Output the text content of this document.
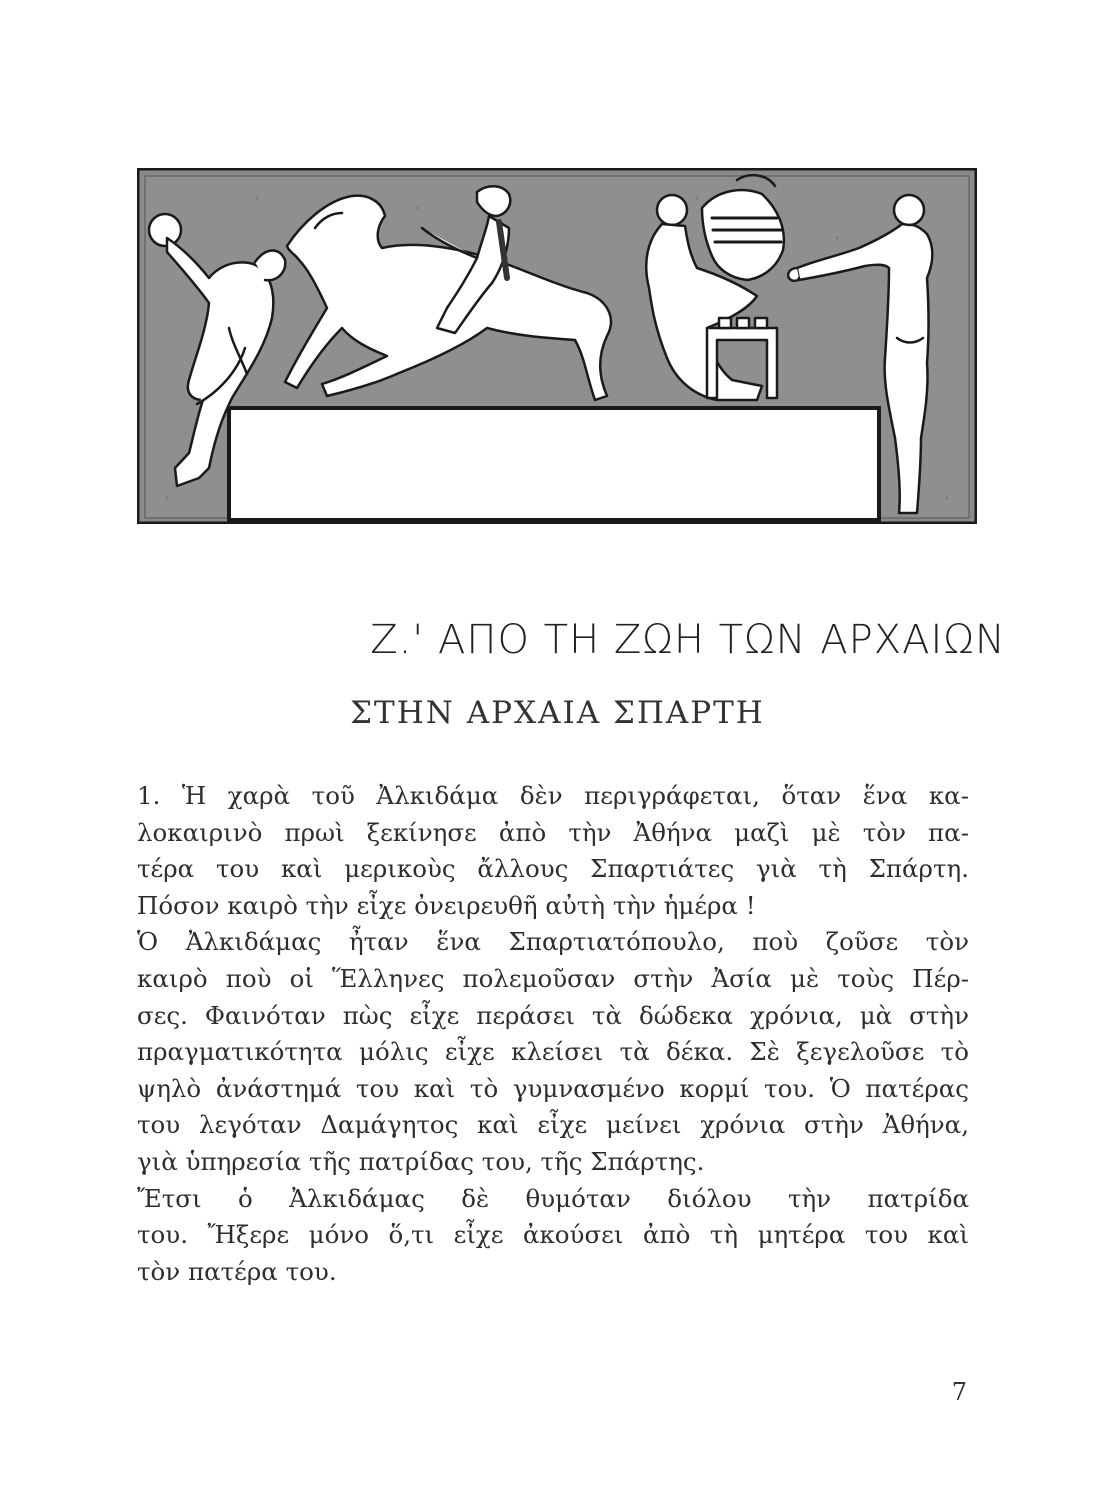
Z.' ΑΠΟ ΤΗ ΖΩΗ ΤΩΝ ΑΡΧΑΙΩΝ
ΣΤΗΝ ΑΡΧΑΙΑ ΣΠΑΡΤΗ
1. Ἡ χαρὰ τοῦ Ἀλκιδάμα δὲν περιγράφεται, ὅταν ἕνα κα-
λοκαιρινὸ πρωὶ ξεκίνησε ἀπὸ τὴν Ἀθήνα μαζὶ μὲ τὸν πα-
τέρα του καὶ μερικοὺς ἄλλους Σπαρτιάτες γιὰ τὴ Σπάρτη.
Πόσον καιρὸ τὴν εἶχε ὀνειρευθῆ αὐτὴ τὴν ἡμέρα !
Ὁ Ἀλκιδάμας ἦταν ἕνα Σπαρτιατόπουλο, ποὺ ζοῦσε τὸν
καιρὸ ποὺ οἱ Ἕλληνες πολεμοῦσαν στὴν Ἀσία μὲ τοὺς Πέρ-
σες. Φαινόταν πὼς εἶχε περάσει τὰ δώδεκα χρόνια, μὰ στὴν
πραγματικότητα μόλις εἶχε κλείσει τὰ δέκα. Σὲ ξεγελοῦσε τὸ
ψηλὸ ἀνάστημά του καὶ τὸ γυμνασμένο κορμί του. Ὁ πατέρας
του λεγόταν Δαμάγητος καὶ εἶχε μείνει χρόνια στὴν Ἀθήνα,
γιὰ ὑπηρεσία τῆς πατρίδας του, τῆς Σπάρτης.
Ἔτσι ὁ Ἀλκιδάμας δὲ θυμόταν διόλου τὴν πατρίδα
του. Ἤξερε μόνο ὅ,τι εἶχε ἀκούσει ἀπὸ τὴ μητέρα του καὶ
τὸν πατέρα του.
7
